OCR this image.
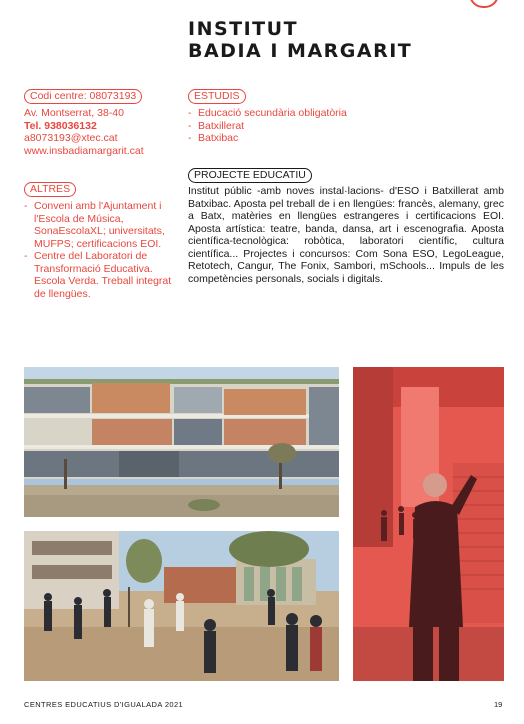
INSTITUT
BADIA I MARGARIT
Codi centre: 08073193
Av. Montserrat, 38-40
Tel. 938036132
a8073193@xtec.cat
www.insbadiamargarit.cat
ESTUDIS
- Educació secundària obligatòria
- Batxillerat
- Batxibac
ALTRES
- Conveni amb l'Ajuntament i l'Escola de Música, SonaEscolaXL; universitats, MUFPS; certificacions EOI.
- Centre del Laboratori de Transformació Educativa. Escola Verda. Treball integrat de llengües.
PROJECTE EDUCATIU

Institut públic -amb noves instal·lacions- d'ESO i Batxillerat amb Batxibac. Aposta pel treball de i en llengües: francès, alemany, grec a Batx, matèries en llengües estrangeres i certificacions EOI. Aposta artística: teatre, banda, dansa, art i escenografia. Aposta científica-tecnològica: robòtica, laboratori científic, cultura científica... Projectes i concursos: Com Sona ESO, LegoLeague, Retotech, Cangur, The Fonix, Sambori, mSchools... Impuls de les competències personals, socials i digitals.

CENTRES EDUCATIUS D'IGUALADA 2021	19
